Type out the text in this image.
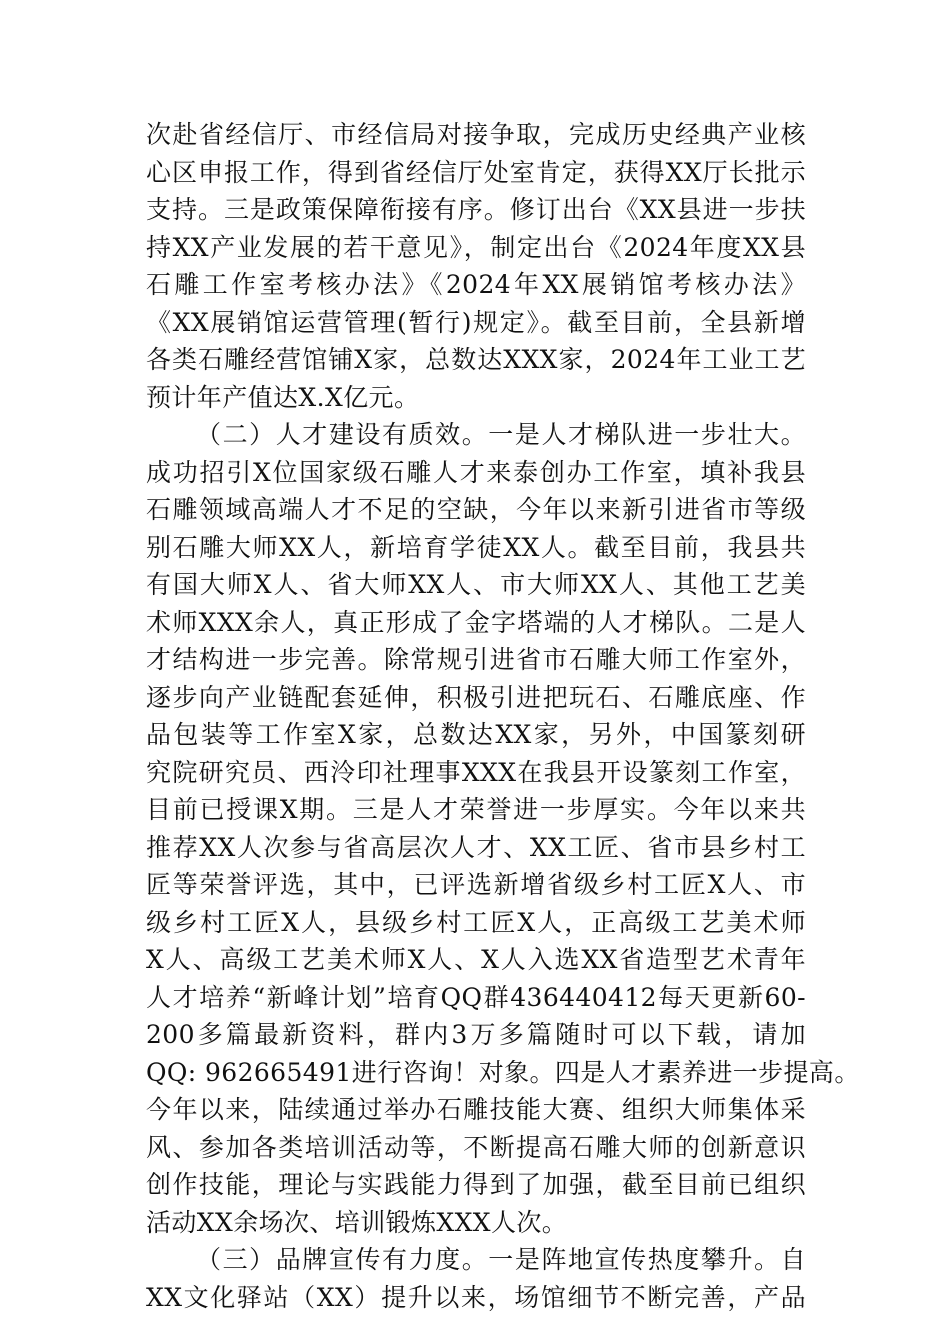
次赴省经信厅、市经信局对接争取，完成历史经典产业核
心区申报工作，得到省经信厅处室肯定，获得XX厅长批示
支持。三是政策保障衔接有序。修订出台《XX县进一步扶
持XX产业发展的若干意见》，制定出台《2024年度XX县
石雕工作室考核办法》《2024年XX展销馆考核办法》
《XX展销馆运营管理(暂行)规定》。截至目前，全县新增
各类石雕经营馆铺X家，总数达XXX家，2024年工业工艺
预计年产值达X.X亿元。
（二）人才建设有质效。一是人才梯队进一步壮大。
成功招引X位国家级石雕人才来泰创办工作室，填补我县
石雕领域高端人才不足的空缺，今年以来新引进省市等级
别石雕大师XX人，新培育学徒XX人。截至目前，我县共
有国大师X人、省大师XX人、市大师XX人、其他工艺美
术师XXX余人，真正形成了金字塔端的人才梯队。二是人
才结构进一步完善。除常规引进省市石雕大师工作室外，
逐步向产业链配套延伸，积极引进把玩石、石雕底座、作
品包装等工作室X家，总数达XX家，另外，中国篆刻研
究院研究员、西泠印社理事XXX在我县开设篆刻工作室，
目前已授课X期。三是人才荣誉进一步厚实。今年以来共
推荐XX人次参与省高层次人才、XX工匠、省市县乡村工
匠等荣誉评选，其中，已评选新增省级乡村工匠X人、市
级乡村工匠X人，县级乡村工匠X人，正高级工艺美术师
X人、高级工艺美术师X人、X人入选XX省造型艺术青年
人才培养“新峰计划”培育QQ群436440412每天更新60-
200多篇最新资料，群内3万多篇随时可以下载，请加
QQ: 962665491进行咨询！对象。四是人才素养进一步提高。
今年以来，陆续通过举办石雕技能大赛、组织大师集体采
风、参加各类培训活动等，不断提高石雕大师的创新意识
创作技能，理论与实践能力得到了加强，截至目前已组织
活动XX余场次、培训锻炼XXX人次。
（三）品牌宣传有力度。一是阵地宣传热度攀升。自
XX文化驿站（XX）提升以来，场馆细节不断完善，产品
